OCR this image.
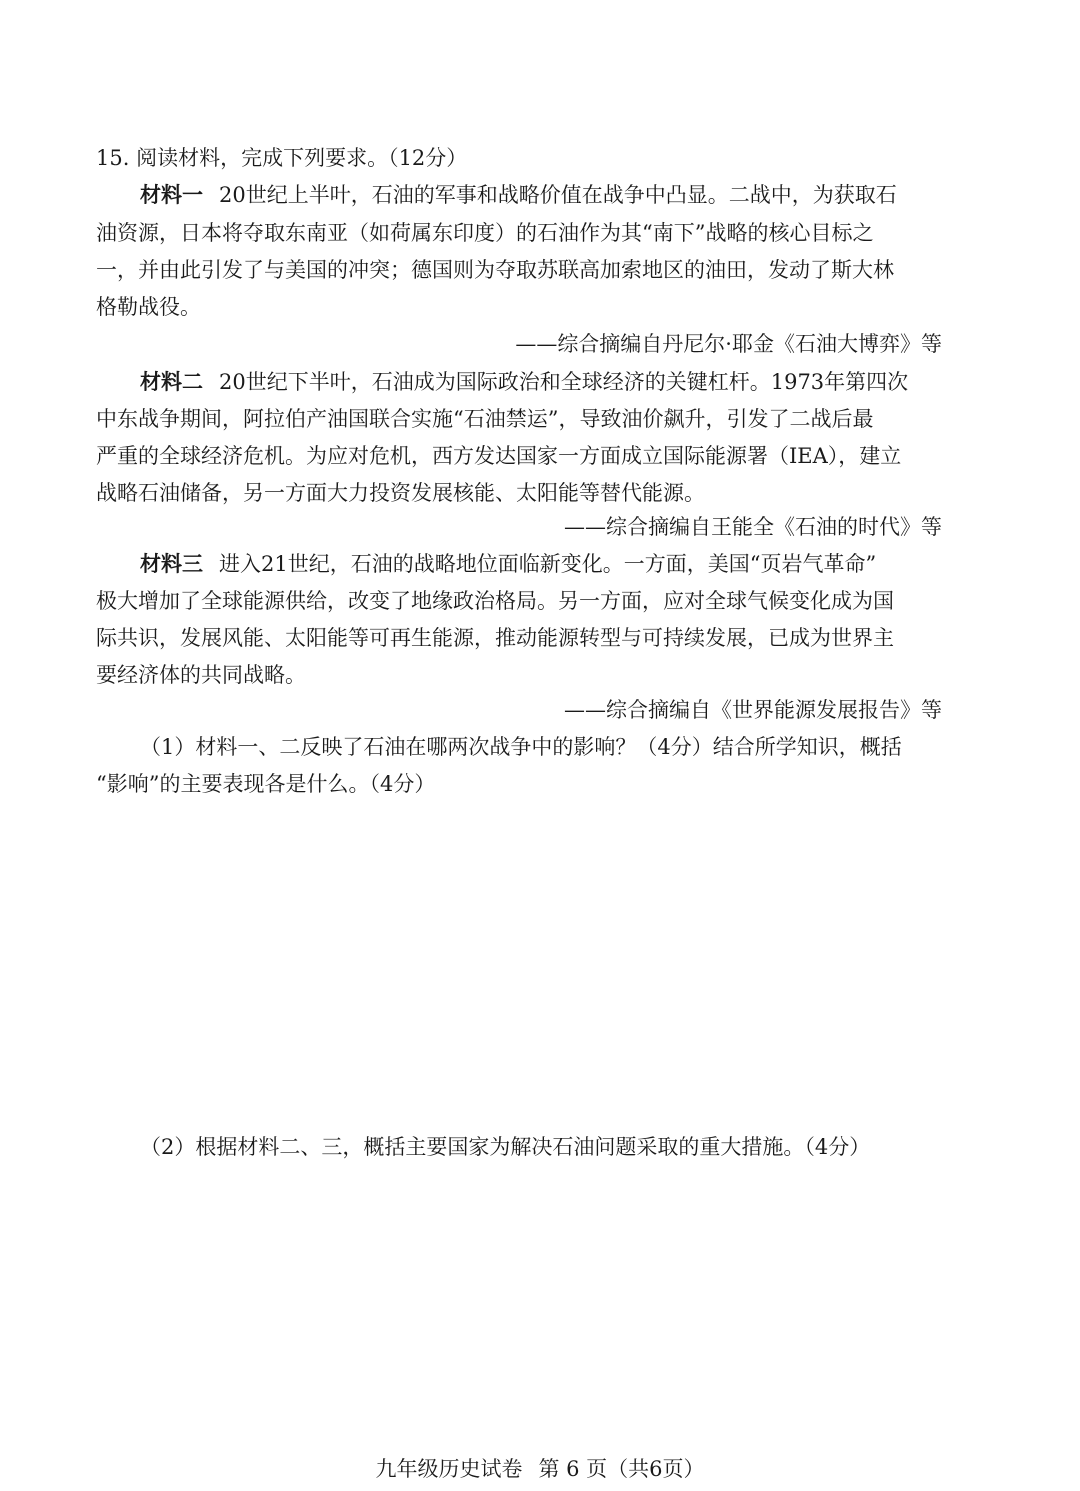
15. 阅读材料，完成下列要求。（12分）
材料一 20世纪上半叶，石油的军事和战略价值在战争中凸显。二战中，为获取石
油资源，日本将夺取东南亚（如荷属东印度）的石油作为其“南下”战略的核心目标之
一，并由此引发了与美国的冲突；德国则为夺取苏联高加索地区的油田，发动了斯大林
格勒战役。
——综合摘编自丹尼尔·耶金《石油大博弈》等
材料二 20世纪下半叶，石油成为国际政治和全球经济的关键杠杆。1973年第四次
中东战争期间，阿拉伯产油国联合实施“石油禁运”，导致油价飙升，引发了二战后最
严重的全球经济危机。为应对危机，西方发达国家一方面成立国际能源署（IEA），建立
战略石油储备，另一方面大力投资发展核能、太阳能等替代能源。
——综合摘编自王能全《石油的时代》等
材料三 进入21世纪，石油的战略地位面临新变化。一方面，美国“页岩气革命”
极大增加了全球能源供给，改变了地缘政治格局。另一方面，应对全球气候变化成为国
际共识，发展风能、太阳能等可再生能源，推动能源转型与可持续发展，已成为世界主
要经济体的共同战略。
——综合摘编自《世界能源发展报告》等
（1）材料一、二反映了石油在哪两次战争中的影响？（4分）结合所学知识，概括
“影响”的主要表现各是什么。（4分）
（2）根据材料二、三，概括主要国家为解决石油问题采取的重大措施。（4分）
九年级历史试卷 第 6 页（共6页）
